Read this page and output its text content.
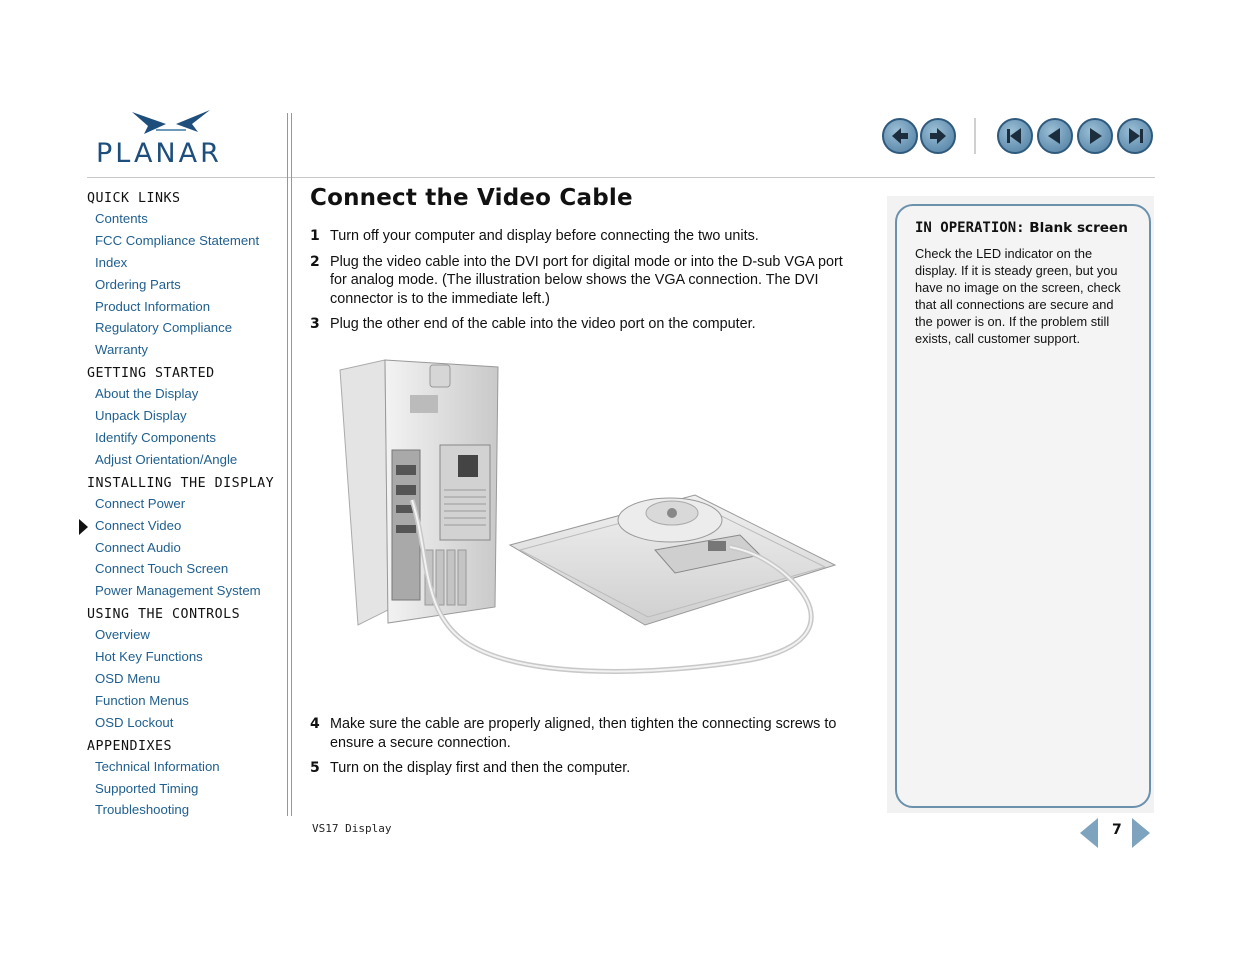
PLANAR
QUICK LINKS
Contents
FCC Compliance Statement
Index
Ordering Parts
Product Information
Regulatory Compliance
Warranty
GETTING STARTED
About the Display
Unpack Display
Identify Components
Adjust Orientation/Angle
INSTALLING THE DISPLAY
Connect Power
Connect Video
Connect Audio
Connect Touch Screen
Power Management System
USING THE CONTROLS
Overview
Hot Key Functions
OSD Menu
Function Menus
OSD Lockout
APPENDIXES
Technical Information
Supported Timing
Troubleshooting
Connect the Video Cable
1 Turn off your computer and display before connecting the two units.
2 Plug the video cable into the DVI port for digital mode or into the D-sub VGA port for analog mode. (The illustration below shows the VGA connection. The DVI connector is to the immediate left.)
3 Plug the other end of the cable into the video port on the computer.
4 Make sure the cable are properly aligned, then tighten the connecting screws to ensure a secure connection.
5 Turn on the display first and then the computer.
IN OPERATION: Blank screen
Check the LED indicator on the display. If it is steady green, but you have no image on the screen, check that all connections are secure and the power is on. If the problem still exists, call customer support.
VS17 Display	7
